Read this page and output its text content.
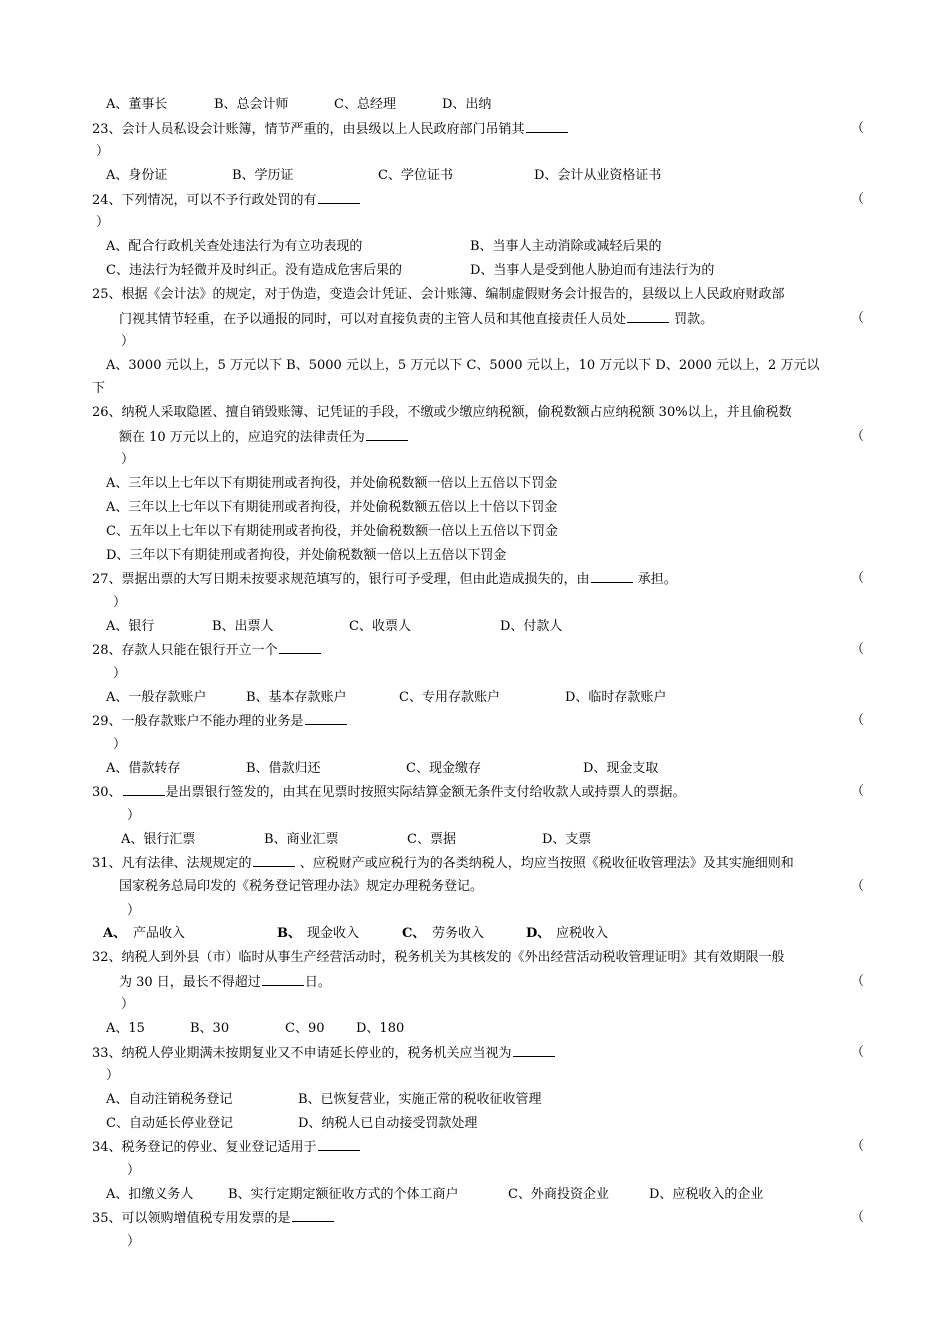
A、董事长	B、总会计师	C、总经理	D、出纳
23、会计人员私设会计账簿，情节严重的，由县级以上人民政府部门吊销其	（
）
A、身份证	B、学历证	C、学位证书	D、会计从业资格证书
24、下列情况，可以不予行政处罚的有	（
）
A、配合行政机关查处违法行为有立功表现的	B、当事人主动消除或减轻后果的
C、违法行为轻微并及时纠正。没有造成危害后果的	D、当事人是受到他人胁迫而有违法行为的
25、根据《会计法》的规定，对于伪造，变造会计凭证、会计账簿、编制虚假财务会计报告的，县级以上人民政府财政部
门视其情节轻重，在予以通报的同时，可以对直接负责的主管人员和其他直接责任人员处	罚款。	（
）
A、3000 元以上，5 万元以下 B、5000 元以上，5 万元以下 C、5000 元以上，10 万元以下 D、2000 元以上，2 万元以
下
26、纳税人采取隐匿、擅自销毁账簿、记凭证的手段，不缴或少缴应纳税额，偷税数额占应纳税额 30%以上，并且偷税数
额在 10 万元以上的，应追究的法律责任为	（
）
A、三年以上七年以下有期徒刑或者拘役，并处偷税数额一倍以上五倍以下罚金
A、三年以上七年以下有期徒刑或者拘役，并处偷税数额五倍以上十倍以下罚金
C、五年以上七年以下有期徒刑或者拘役，并处偷税数额一倍以上五倍以下罚金
D、三年以下有期徒刑或者拘役，并处偷税数额一倍以上五倍以下罚金
27、票据出票的大写日期未按要求规范填写的，银行可予受理，但由此造成损失的，由	承担。	（
）
A、银行	B、出票人	C、收票人	D、付款人
28、存款人只能在银行开立一个	（
）
A、一般存款账户	B、基本存款账户	C、专用存款账户	D、临时存款账户
29、一般存款账户不能办理的业务是	（
）
A、借款转存	B、借款归还	C、现金缴存	D、现金支取
30、	是出票银行签发的，由其在见票时按照实际结算金额无条件支付给收款人或持票人的票据。	（
）
A、银行汇票	B、商业汇票	C、票据	D、支票
31、凡有法律、法规规定的	、应税财产或应税行为的各类纳税人，均应当按照《税收征收管理法》及其实施细则和
国家税务总局印发的《税务登记管理办法》规定办理税务登记。	（
）
A、 产品收入	B、 现金收入	C、 劳务收入	D、 应税收入
32、纳税人到外县（市）临时从事生产经营活动时，税务机关为其核发的《外出经营活动税收管理证明》其有效期限一般
为 30 日，最长不得超过	日。	（
）
A、15	B、30	C、90 D、180
33、纳税人停业期满未按期复业又不申请延长停业的，税务机关应当视为	（
）
A、自动注销税务登记	B、已恢复营业，实施正常的税收征收管理
C、自动延长停业登记	D、纳税人已自动接受罚款处理
34、税务登记的停业、复业登记适用于	（
）
A、扣缴义务人	B、实行定期定额征收方式的个体工商户	C、外商投资企业	D、应税收入的企业
35、可以领购增值税专用发票的是	（
）
